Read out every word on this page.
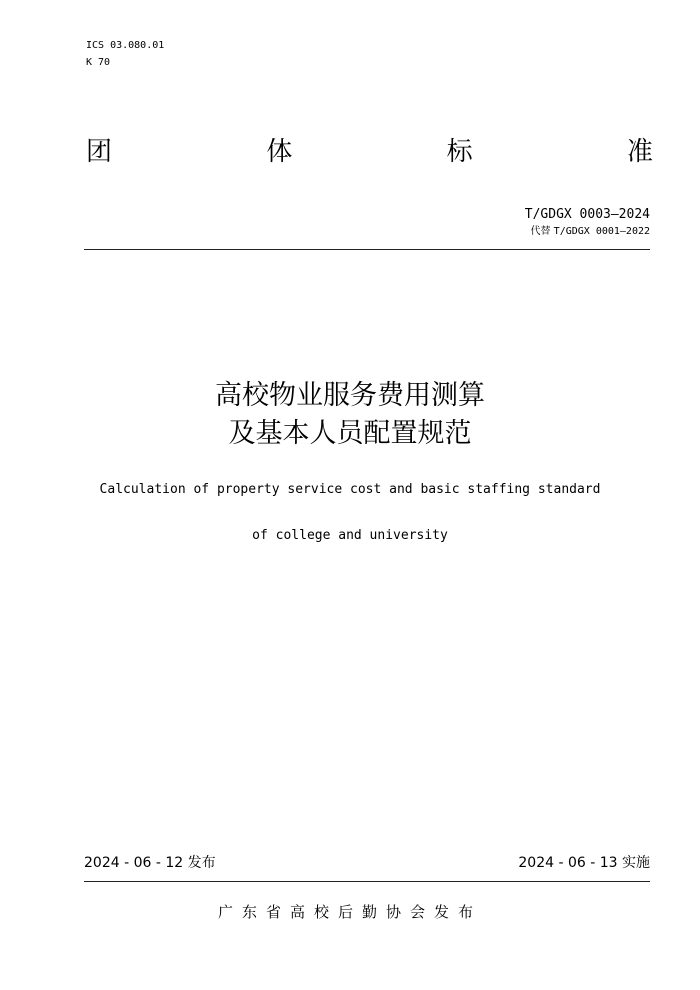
ICS 03.080.01
K 70
团	体	标	准
T/GDGX 0003—2024
代替 T/GDGX 0001—2022
高校物业服务费用测算
及基本人员配置规范
Calculation of property service cost and basic staffing standard
of college and university
2024 - 06 - 12 发布	2024 - 06 - 13 实施
广东省高校后勤协会发布
